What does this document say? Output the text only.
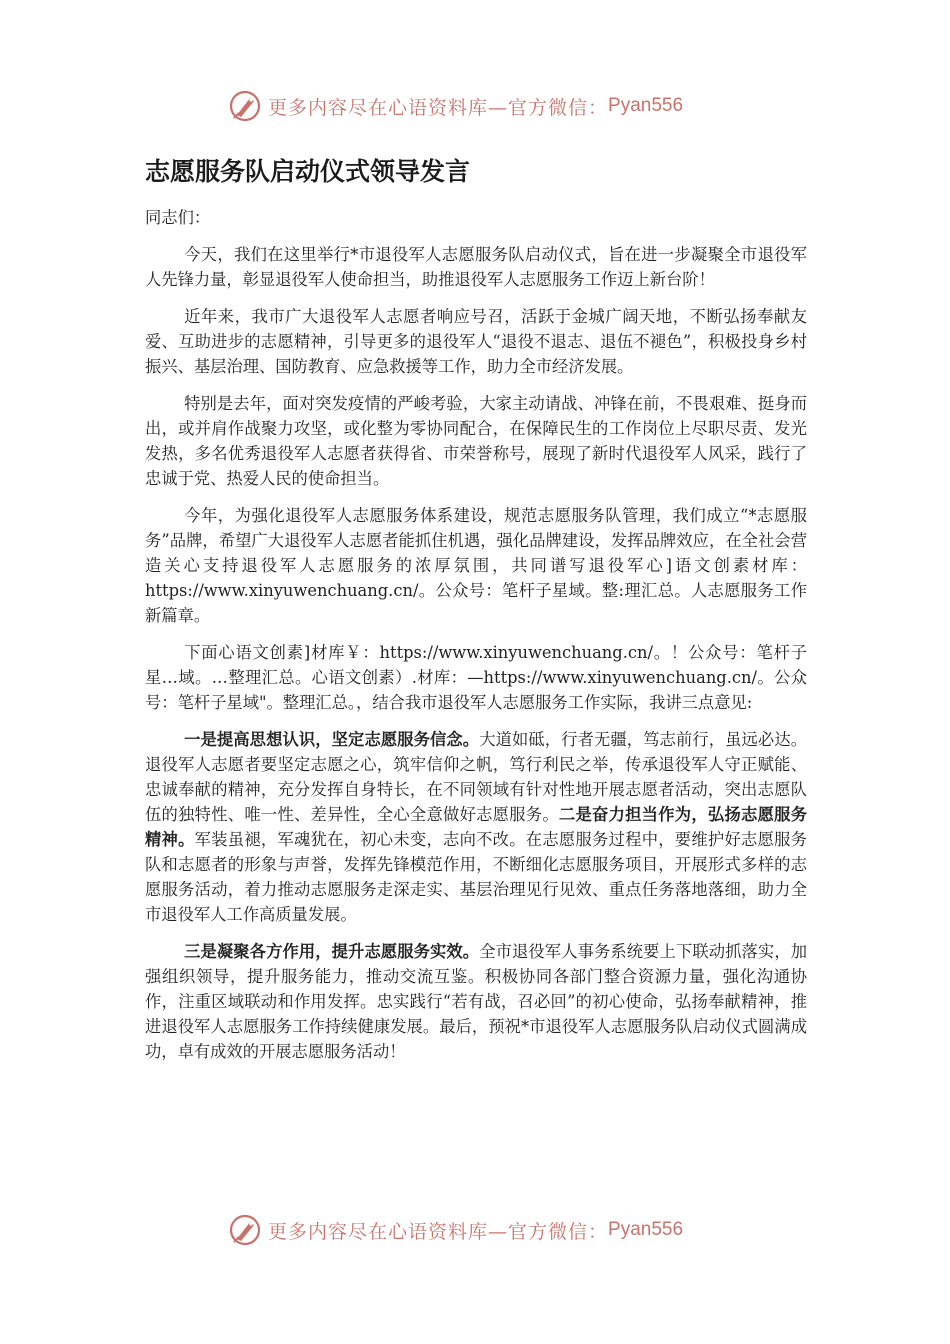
更多内容尽在心语资料库—官方微信： Pyan556
志愿服务队启动仪式领导发言

同志们：

今天，我们在这里举行*市退役军人志愿服务队启动仪式，旨在进一步凝聚全市退役军人先锋力量，彰显退役军人使命担当，助推退役军人志愿服务工作迈上新台阶！

近年来，我市广大退役军人志愿者响应号召，活跃于金城广阔天地，不断弘扬奉献友爱、互助进步的志愿精神，引导更多的退役军人“退役不退志、退伍不褪色”，积极投身乡村振兴、基层治理、国防教育、应急救援等工作，助力全市经济发展。

特别是去年，面对突发疫情的严峻考验，大家主动请战、冲锋在前，不畏艰难、挺身而出，或并肩作战聚力攻坚，或化整为零协同配合，在保障民生的工作岗位上尽职尽责、发光发热，多名优秀退役军人志愿者获得省、市荣誉称号，展现了新时代退役军人风采，践行了忠诚于党、热爱人民的使命担当。

今年，为强化退役军人志愿服务体系建设，规范志愿服务队管理，我们成立“*志愿服务”品牌，希望广大退役军人志愿者能抓住机遇，强化品牌建设，发挥品牌效应，在全社会营造关心支持退役军人志愿服务的浓厚氛围，共同谱写退役军心]语文创素材库：https://www.xinyuwenchuang.cn/。公众号：笔杆子星域。整:理汇总。人志愿服务工作新篇章。

下面心语文创素]材库￥：https://www.xinyuwenchuang.cn/。！公众号：笔杆子星…域。…整理汇总。心语文创素）.材库：—https://www.xinyuwenchuang.cn/。公众号：笔杆子星域"。整理汇总。，结合我市退役军人志愿服务工作实际，我讲三点意见:

一是提高思想认识，坚定志愿服务信念。大道如砥，行者无疆，笃志前行，虽远必达。退役军人志愿者要坚定志愿之心，筑牢信仰之帆，笃行利民之举，传承退役军人守正赋能、忠诚奉献的精神，充分发挥自身特长，在不同领域有针对性地开展志愿者活动，突出志愿队伍的独特性、唯一性、差异性，全心全意做好志愿服务。二是奋力担当作为，弘扬志愿服务精神。军装虽褪，军魂犹在，初心未变，志向不改。在志愿服务过程中，要维护好志愿服务队和志愿者的形象与声誉，发挥先锋模范作用，不断细化志愿服务项目，开展形式多样的志愿服务活动，着力推动志愿服务走深走实、基层治理见行见效、重点任务落地落细，助力全市退役军人工作高质量发展。

三是凝聚各方作用，提升志愿服务实效。全市退役军人事务系统要上下联动抓落实，加强组织领导，提升服务能力，推动交流互鉴。积极协同各部门整合资源力量，强化沟通协作，注重区域联动和作用发挥。忠实践行“若有战，召必回”的初心使命，弘扬奉献精神，推进退役军人志愿服务工作持续健康发展。最后，预祝*市退役军人志愿服务队启动仪式圆满成功，卓有成效的开展志愿服务活动！

更多内容尽在心语资料库—官方微信： Pyan556
